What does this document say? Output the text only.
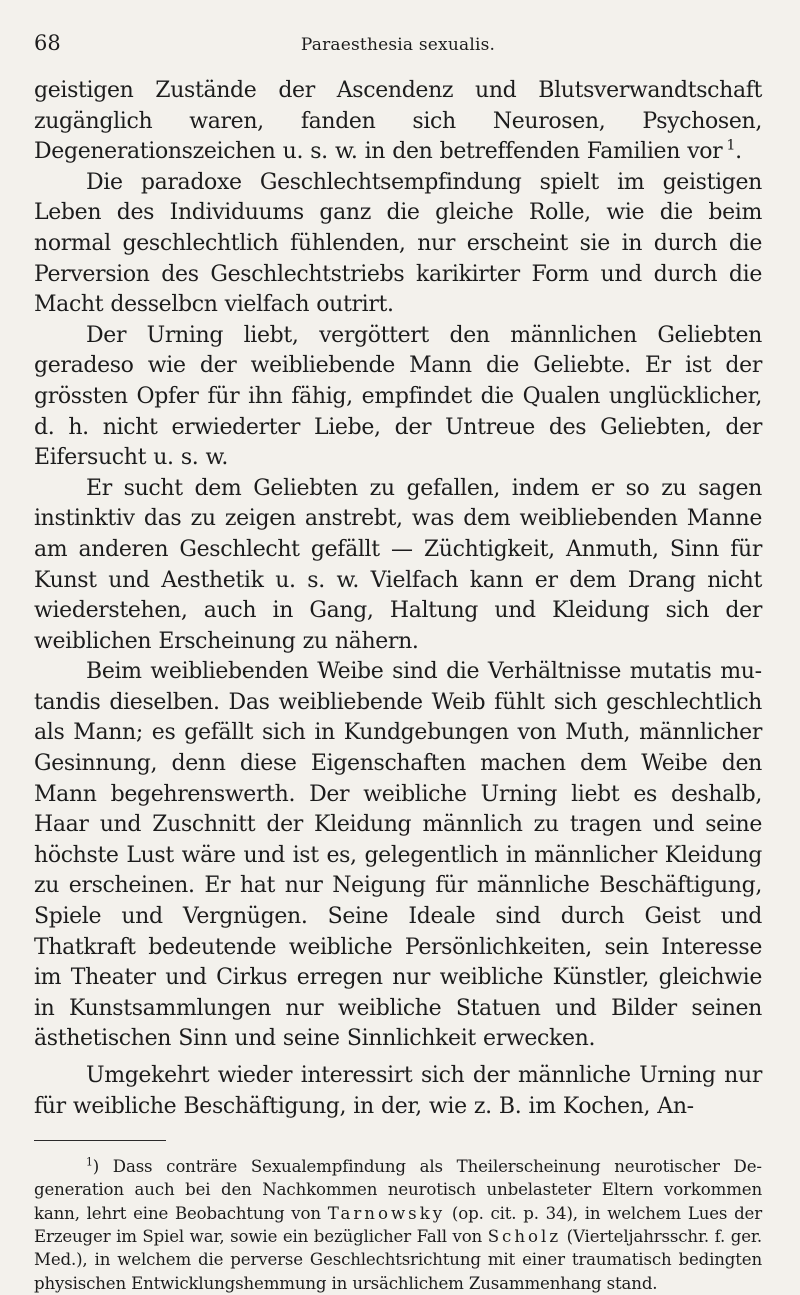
68	Paraesthesia sexualis.

geistigen Zustände der Ascendenz und Blutsverwandtschaft zugänglich waren, fanden sich Neurosen, Psychosen, Degenerationszeichen u. s. w. in den betreffenden Familien vor  $^1$.

Die paradoxe Geschlechtsempfindung spielt im geistigen Leben des Individuums ganz die gleiche Rolle, wie die beim normal geschlechtlich fühlenden, nur erscheint sie in durch die Perversion des Geschlechtstriebs karikirter Form und durch die Macht desselbcn vielfach outrirt.

Der Urning liebt, vergöttert den männlichen Geliebten geradeso wie der weibliebende Mann die Geliebte. Er ist der grössten Opfer für ihn fähig, empfindet die Qualen unglücklicher, d. h. nicht erwiederter Liebe, der Untreue des Geliebten, der Eifersucht u. s. w.

Er sucht dem Geliebten zu gefallen, indem er so zu sagen instinktiv das zu zeigen anstrebt, was dem weibliebenden Manne am anderen Geschlecht gefällt — Züchtigkeit, Anmuth, Sinn für Kunst und Aesthetik u. s. w. Vielfach kann er dem Drang nicht wiederstehen, auch in Gang, Haltung und Kleidung sich der weiblichen Erscheinung zu nähern.

Beim weibliebenden Weibe sind die Verhältnisse mutatis mutandis dieselben. Das weibliebende Weib fühlt sich geschlechtlich als Mann; es gefällt sich in Kundgebungen von Muth, männlicher Gesinnung, denn diese Eigenschaften machen dem Weibe den Mann begehrenswerth. Der weibliche Urning liebt es deshalb, Haar und Zuschnitt der Kleidung männlich zu tragen und seine höchste Lust wäre und ist es, gelegentlich in männlicher Kleidung zu erscheinen. Er hat nur Neigung für männliche Beschäftigung, Spiele und Vergnügen. Seine Ideale sind durch Geist und Thatkraft bedeutende weibliche Persönlichkeiten, sein Interesse im Theater und Cirkus erregen nur weibliche Künstler, gleichwie in Kunstsammlungen nur weibliche Statuen und Bilder seinen ästhetischen Sinn und seine Sinnlichkeit erwecken.

Umgekehrt wieder interessirt sich der männliche Urning nur für weibliche Beschäftigung, in der, wie z. B. im Kochen, An-

$^1$) Dass conträre Sexualempfindung als Theilerscheinung neurotischer Degeneration auch bei den Nachkommen neurotisch unbelasteter Eltern vorkommen kann, lehrt eine Beobachtung von Tarnowsky (op. cit. p. 34), in welchem Lues der Erzeuger im Spiel war, sowie ein bezüglicher Fall von Scholz (Vierteljahrsschr. f. ger. Med.), in welchem die perverse Geschlechtsrichtung mit einer traumatisch bedingten physischen Entwicklungshemmung in ursächlichem Zusammenhang stand.
